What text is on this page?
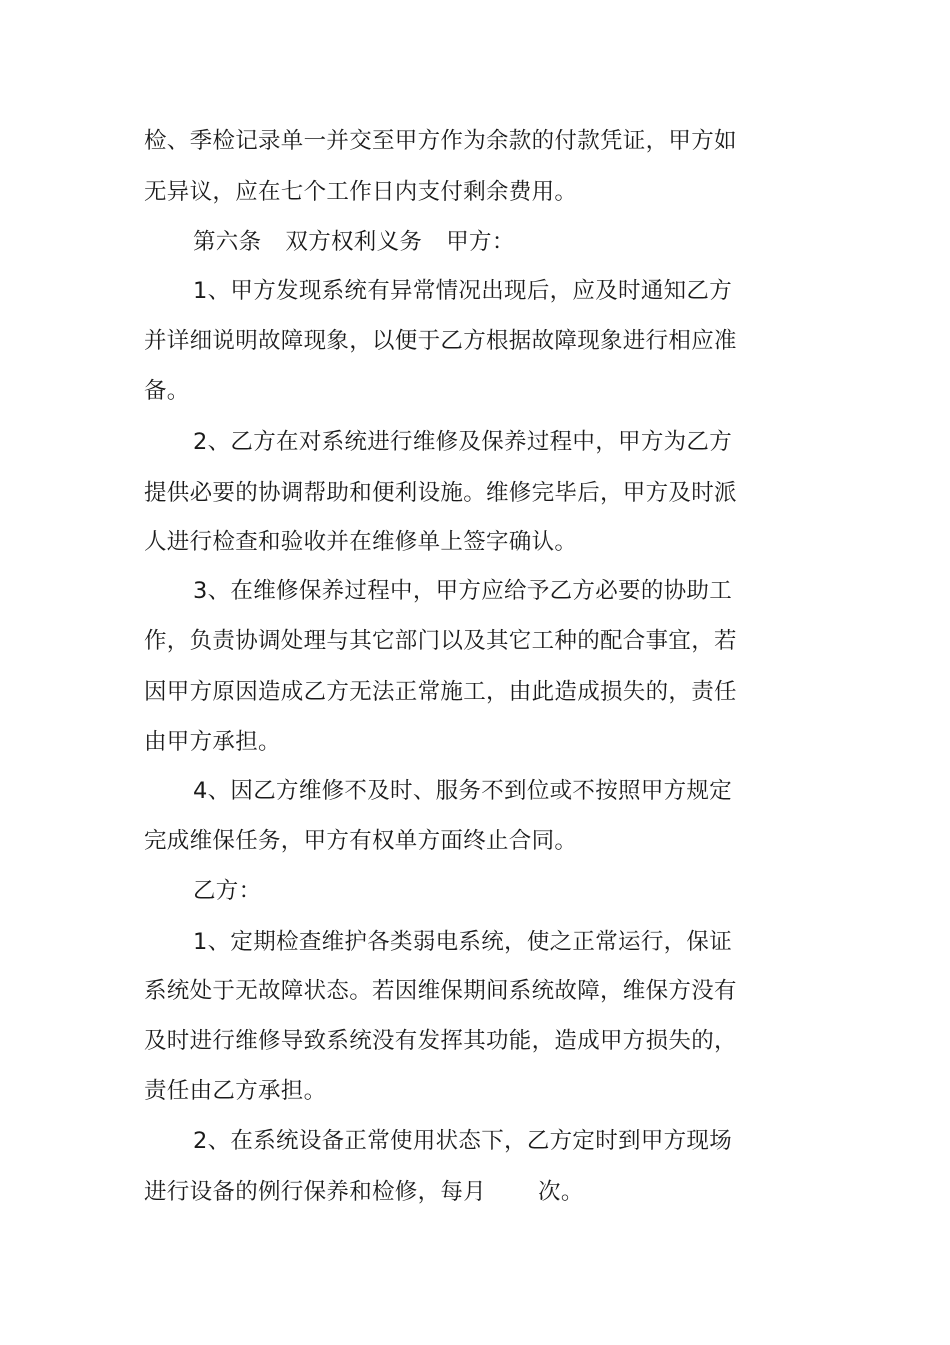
检、季检记录单一并交至甲方作为余款的付款凭证，甲方如
无异议，应在七个工作日内支付剩余费用。
第六条 双方权利义务 甲方：
1、甲方发现系统有异常情况出现后，应及时通知乙方
并详细说明故障现象，以便于乙方根据故障现象进行相应准
备。
2、乙方在对系统进行维修及保养过程中，甲方为乙方
提供必要的协调帮助和便利设施。维修完毕后，甲方及时派
人进行检查和验收并在维修单上签字确认。
3、在维修保养过程中，甲方应给予乙方必要的协助工
作，负责协调处理与其它部门以及其它工种的配合事宜，若
因甲方原因造成乙方无法正常施工，由此造成损失的，责任
由甲方承担。
4、因乙方维修不及时、服务不到位或不按照甲方规定
完成维保任务，甲方有权单方面终止合同。
乙方：
1、定期检查维护各类弱电系统，使之正常运行，保证
系统处于无故障状态。若因维保期间系统故障，维保方没有
及时进行维修导致系统没有发挥其功能，造成甲方损失的，
责任由乙方承担。
2、在系统设备正常使用状态下，乙方定时到甲方现场
进行设备的例行保养和检修，每月 次。
